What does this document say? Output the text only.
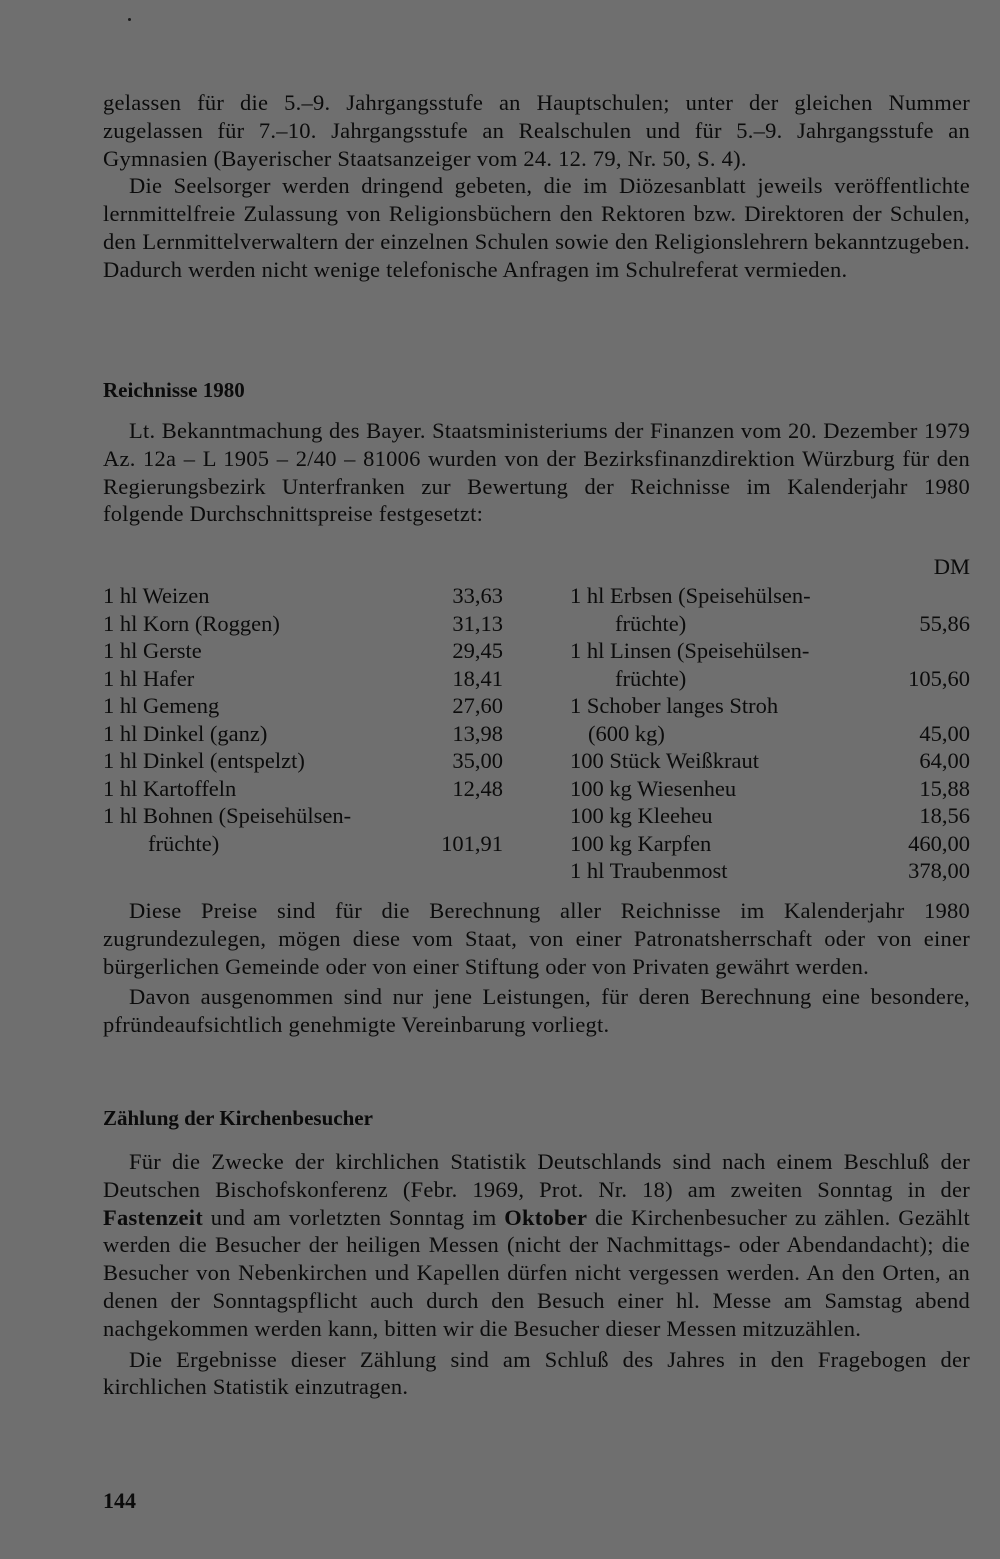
gelassen für die 5.–9. Jahrgangsstufe an Hauptschulen; unter der gleichen Nummer zugelassen für 7.–10. Jahrgangsstufe an Realschulen und für 5.–9. Jahrgangsstufe an Gymnasien (Bayerischer Staatsanzeiger vom 24. 12. 79, Nr. 50, S. 4).

Die Seelsorger werden dringend gebeten, die im Diözesanblatt jeweils veröffentlichte lernmittelfreie Zulassung von Religionsbüchern den Rektoren bzw. Direktoren der Schulen, den Lernmittelverwaltern der einzelnen Schulen sowie den Religionslehrern bekanntzugeben. Dadurch werden nicht wenige telefonische Anfragen im Schulreferat vermieden.

Reichnisse 1980

Lt. Bekanntmachung des Bayer. Staatsministeriums der Finanzen vom 20. Dezember 1979 Az. 12a – L 1905 – 2/40 – 81006 wurden von der Bezirksfinanzdirektion Würzburg für den Regierungsbezirk Unterfranken zur Bewertung der Reichnisse im Kalenderjahr 1980 folgende Durchschnittspreise festgesetzt:

DM
1 hl Weizen	33,63
1 hl Korn (Roggen)	31,13
1 hl Gerste	29,45
1 hl Hafer	18,41
1 hl Gemeng	27,60
1 hl Dinkel (ganz)	13,98
1 hl Dinkel (entspelzt)	35,00
1 hl Kartoffeln	12,48
1 hl Bohnen (Speisehülsen-
früchte)	101,91
1 hl Erbsen (Speisehülsen-
früchte)	55,86
1 hl Linsen (Speisehülsen-
früchte)	105,60
1 Schober langes Stroh
(600 kg)	45,00
100 Stück Weißkraut	64,00
100 kg Wiesenheu	15,88
100 kg Kleeheu	18,56
100 kg Karpfen	460,00
1 hl Traubenmost	378,00

Diese Preise sind für die Berechnung aller Reichnisse im Kalenderjahr 1980 zugrundezulegen, mögen diese vom Staat, von einer Patronatsherrschaft oder von einer bürgerlichen Gemeinde oder von einer Stiftung oder von Privaten gewährt werden.

Davon ausgenommen sind nur jene Leistungen, für deren Berechnung eine besondere, pfründeaufsichtlich genehmigte Vereinbarung vorliegt.

Zählung der Kirchenbesucher

Für die Zwecke der kirchlichen Statistik Deutschlands sind nach einem Beschluß der Deutschen Bischofskonferenz (Febr. 1969, Prot. Nr. 18) am zweiten Sonntag in der Fastenzeit und am vorletzten Sonntag im Oktober die Kirchenbesucher zu zählen. Gezählt werden die Besucher der heiligen Messen (nicht der Nachmittags- oder Abendandacht); die Besucher von Nebenkirchen und Kapellen dürfen nicht vergessen werden. An den Orten, an denen der Sonntagspflicht auch durch den Besuch einer hl. Messe am Samstag abend nachgekommen werden kann, bitten wir die Besucher dieser Messen mitzuzählen.

Die Ergebnisse dieser Zählung sind am Schluß des Jahres in den Fragebogen der kirchlichen Statistik einzutragen.

144
